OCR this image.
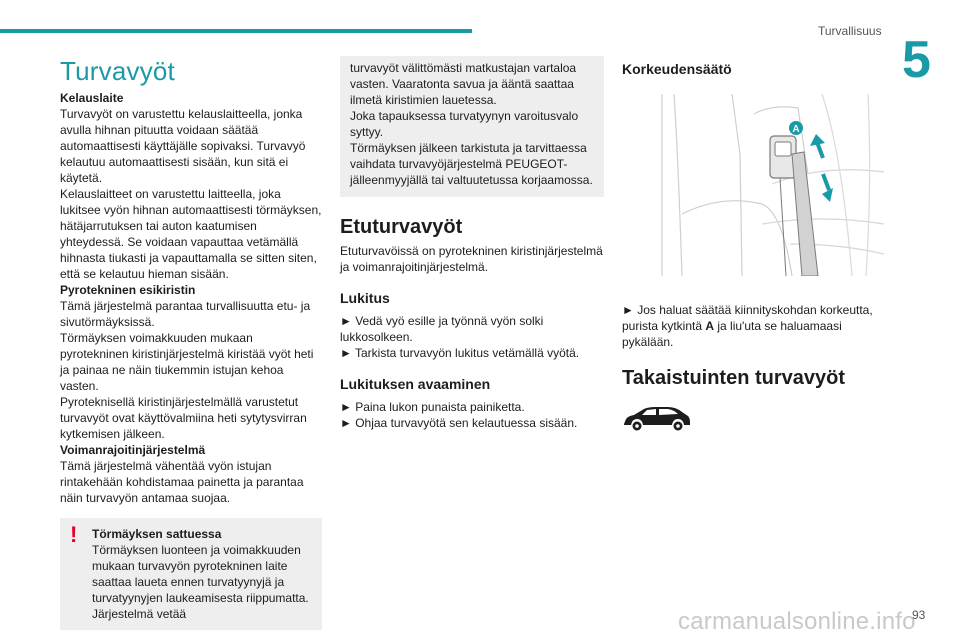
Turvallisuus 5
Turvavyöt
Kelauslaite
Turvavyöt on varustettu kelauslaitteella, jonka avulla hihnan pituutta voidaan säätää automaattisesti käyttäjälle sopivaksi. Turvavyö kelautuu automaattisesti sisään, kun sitä ei käytetä.
Kelauslaitteet on varustettu laitteella, joka lukitsee vyön hihnan automaattisesti törmäyksen, hätäjarrutuksen tai auton kaatumisen yhteydessä. Se voidaan vapauttaa vetämällä hihnasta tiukasti ja vapauttamalla se sitten siten, että se kelautuu hieman sisään.
Pyrotekninen esikiristin
Tämä järjestelmä parantaa turvallisuutta etu- ja sivutörmäyksissä.
Törmäyksen voimakkuuden mukaan pyrotekninen kiristinjärjestelmä kiristää vyöt heti ja painaa ne näin tiukemmin istujan kehoa vasten.
Pyroteknisellä kiristinjärjestelmällä varustetut turvavyöt ovat käyttövalmiina heti sytytysvirran kytkemisen jälkeen.
Voimanrajoitinjärjestelmä
Tämä järjestelmä vähentää vyön istujan rintakehään kohdistamaa painetta ja parantaa näin turvavyön antamaa suojaa.
! Törmäyksen sattuessa
Törmäyksen luonteen ja voimakkuuden mukaan turvavyön pyrotekninen laite saattaa laueta ennen turvatyynyjä ja turvatyynyjen laukeamisesta riippumatta. Järjestelmä vetää
turvavyöt välittömästi matkustajan vartaloa vasten. Vaaratonta savua ja ääntä saattaa ilmetä kiristimien lauetessa.
Joka tapauksessa turvatyynyn varoitusvalo syttyy.
Törmäyksen jälkeen tarkistuta ja tarvittaessa vaihdata turvavyöjärjestelmä PEUGEOT-jälleenmyyjällä tai valtuutetussa korjaamossa.
Etuturvavyöt
Etuturvavöissä on pyrotekninen kiristinjärjestelmä ja voimanrajoitinjärjestelmä.
Lukitus
► Vedä vyö esille ja työnnä vyön solki lukkosolkeen.
► Tarkista turvavyön lukitus vetämällä vyötä.
Lukituksen avaaminen
► Paina lukon punaista painiketta.
► Ohjaa turvavyötä sen kelautuessa sisään.
Korkeudensäätö
A
► Jos haluat säätää kiinnityskohdan korkeutta, purista kytkintä A ja liu'uta se haluamaasi pykälään.
Takaistuinten turvavyöt
carmanualsonline.info
93
